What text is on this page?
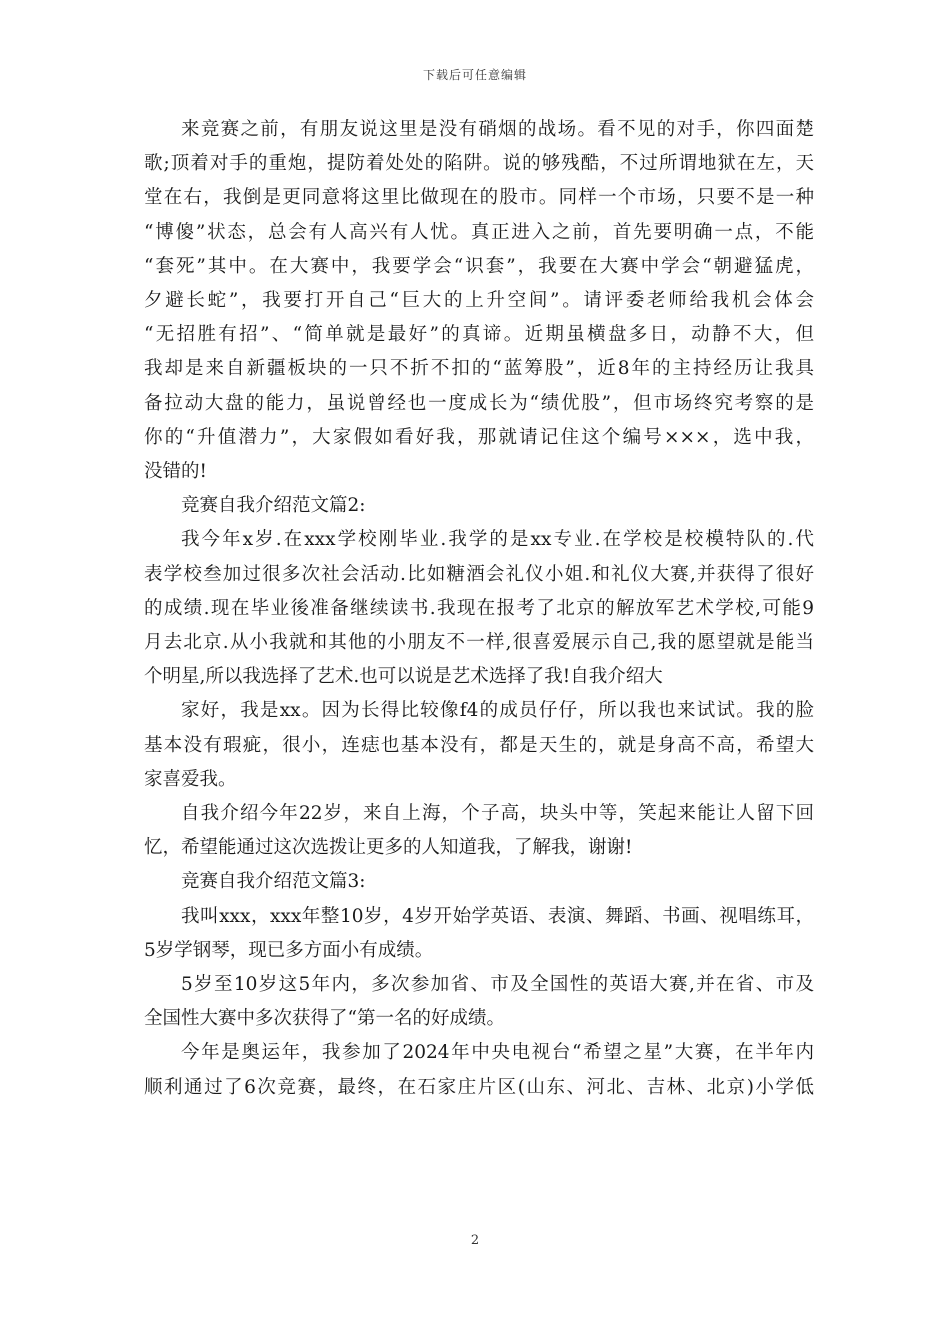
下载后可任意编辑

来竞赛之前，有朋友说这里是没有硝烟的战场。看不见的对手，你四面楚
歌;顶着对手的重炮，提防着处处的陷阱。说的够残酷，不过所谓地狱在左，天
堂在右，我倒是更同意将这里比做现在的股市。同样一个市场，只要不是一种
“博傻”状态，总会有人高兴有人忧。真正进入之前，首先要明确一点，不能
“套死”其中。在大赛中，我要学会“识套”，我要在大赛中学会“朝避猛虎，
夕避长蛇”，我要打开自己“巨大的上升空间”。请评委老师给我机会体会
“无招胜有招”、“简单就是最好”的真谛。近期虽横盘多日，动静不大，但
我却是来自新疆板块的一只不折不扣的“蓝筹股”，近8年的主持经历让我具
备拉动大盘的能力，虽说曾经也一度成长为“绩优股”，但市场终究考察的是
你的“升值潜力”，大家假如看好我，那就请记住这个编号×××，选中我，
没错的!

竞赛自我介绍范文篇2:

我今年x岁.在xxx学校刚毕业.我学的是xx专业.在学校是校模特队的.代
表学校叁加过很多次社会活动.比如糖酒会礼仪小姐.和礼仪大赛,并获得了很好
的成绩.现在毕业後准备继续读书.我现在报考了北京的解放军艺术学校,可能9
月去北京.从小我就和其他的小朋友不一样,很喜爱展示自己,我的愿望就是能当
个明星,所以我选择了艺术.也可以说是艺术选择了我!自我介绍大

家好，我是xx。因为长得比较像f4的成员仔仔，所以我也来试试。我的脸
基本没有瑕疵，很小，连痣也基本没有，都是天生的，就是身高不高，希望大
家喜爱我。

自我介绍今年22岁，来自上海，个子高，块头中等，笑起来能让人留下回
忆，希望能通过这次选拨让更多的人知道我，了解我，谢谢!

竞赛自我介绍范文篇3:

我叫xxx，xxx年整10岁，4岁开始学英语、表演、舞蹈、书画、视唱练耳，
5岁学钢琴，现已多方面小有成绩。

5岁至10岁这5年内，多次参加省、市及全国性的英语大赛,并在省、市及
全国性大赛中多次获得了“第一名的好成绩。

今年是奥运年，我参加了2024年中央电视台“希望之星”大赛，在半年内
顺利通过了6次竞赛，最终，在石家庄片区(山东、河北、吉林、北京)小学低

2
